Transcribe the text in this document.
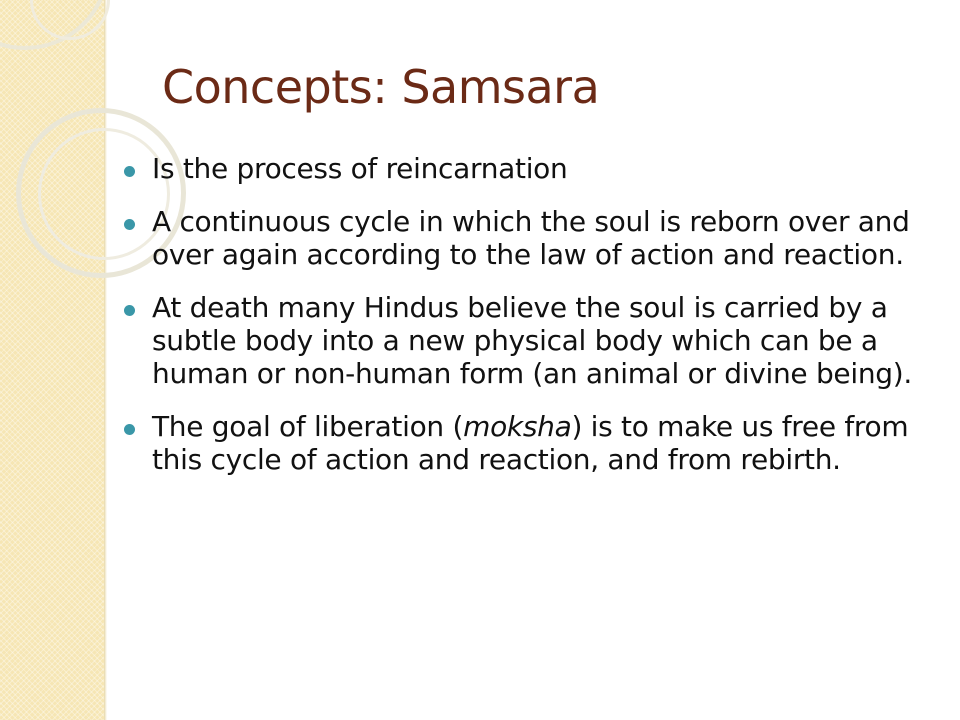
Concepts: Samsara
Is the process of reincarnation
A continuous cycle in which the soul is reborn over and over again according to the law of action and reaction.
At death many Hindus believe the soul is carried by a subtle body into a new physical body which can be a human or non-human form (an animal or divine being).
The goal of liberation (moksha) is to make us free from this cycle of action and reaction, and from rebirth.
